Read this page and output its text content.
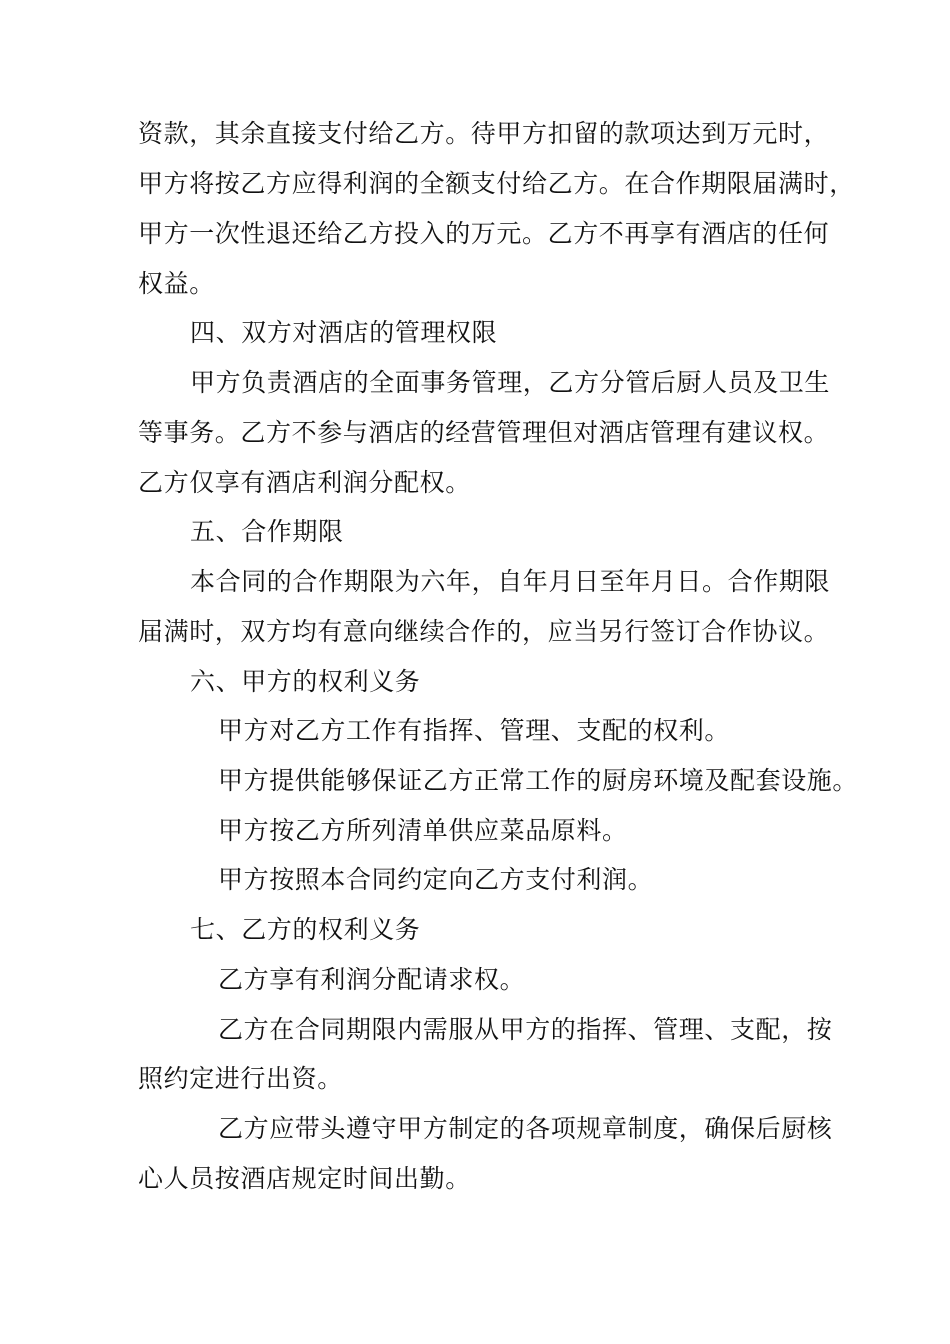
资款，其余直接支付给乙方。待甲方扣留的款项达到万元时，
甲方将按乙方应得利润的全额支付给乙方。在合作期限届满时，
甲方一次性退还给乙方投入的万元。乙方不再享有酒店的任何
权益。
四、双方对酒店的管理权限
甲方负责酒店的全面事务管理，乙方分管后厨人员及卫生
等事务。乙方不参与酒店的经营管理但对酒店管理有建议权。
乙方仅享有酒店利润分配权。
五、合作期限
本合同的合作期限为六年，自年月日至年月日。合作期限
届满时，双方均有意向继续合作的，应当另行签订合作协议。
六、甲方的权利义务
甲方对乙方工作有指挥、管理、支配的权利。
甲方提供能够保证乙方正常工作的厨房环境及配套设施。
甲方按乙方所列清单供应菜品原料。
甲方按照本合同约定向乙方支付利润。
七、乙方的权利义务
乙方享有利润分配请求权。
乙方在合同期限内需服从甲方的指挥、管理、支配，按
照约定进行出资。
乙方应带头遵守甲方制定的各项规章制度，确保后厨核
心人员按酒店规定时间出勤。
